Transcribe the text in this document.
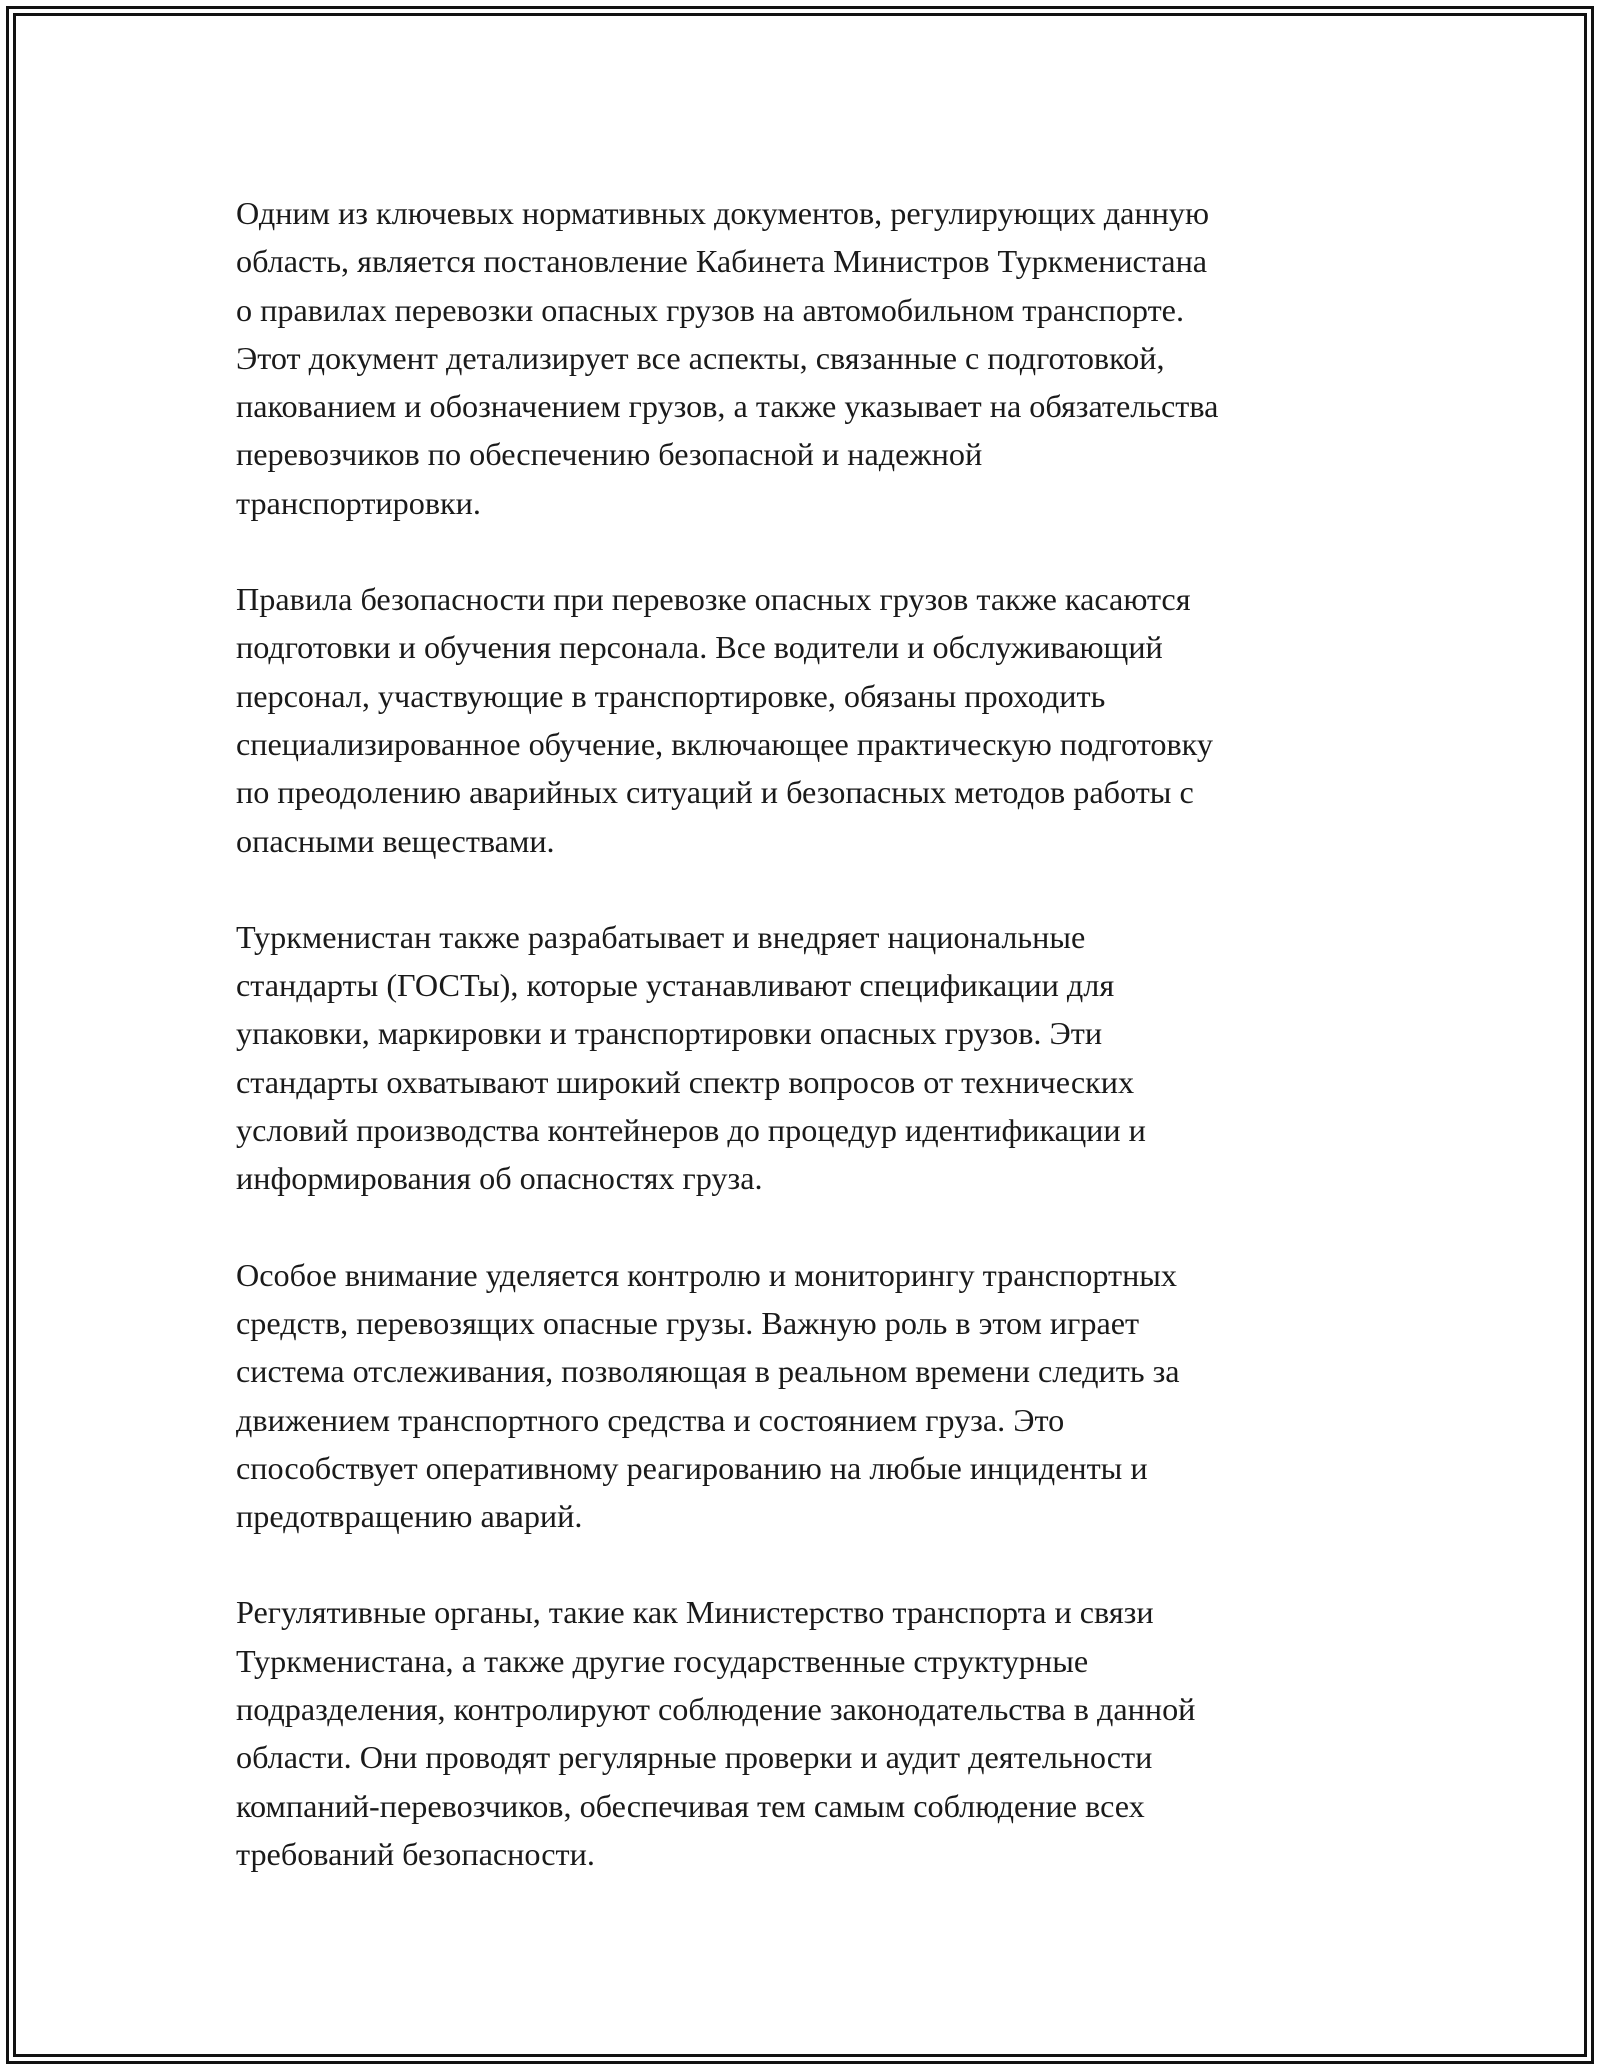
Одним из ключевых нормативных документов, регулирующих данную
область, является постановление Кабинета Министров Туркменистана
о правилах перевозки опасных грузов на автомобильном транспорте.
Этот документ детализирует все аспекты, связанные с подготовкой,
паковaнием и обозначением грузов, а также указывает на обязательства
перевозчиков по обеспечению безопасной и надежной
транспортировки.

Правила безопасности при перевозке опасных грузов также касаются
подготовки и обучения персонала. Все водители и обслуживающий
персонал, участвующие в транспортировке, обязаны проходить
специализированное обучение, включающее практическую подготовку
по преодолению аварийных ситуаций и безопасных методов работы с
опасными веществами.

Туркменистан также разрабатывает и внедряет национальные
стандарты (ГОСТы), которые устанавливают спецификации для
упаковки, маркировки и транспортировки опасных грузов. Эти
стандарты охватывают широкий спектр вопросов от технических
условий производства контейнеров до процедур идентификации и
информирования об опасностях груза.

Особое внимание уделяется контролю и мониторингу транспортных
средств, перевозящих опасные грузы. Важную роль в этом играет
система отслеживания, позволяющая в реальном времени следить за
движением транспортного средства и состоянием груза. Это
способствует оперативному реагированию на любые инциденты и
предотвращению аварий.

Регулятивные органы, такие как Министерство транспорта и связи
Туркменистана, а также другие государственные структурные
подразделения, контролируют соблюдение законодательства в данной
области. Они проводят регулярные проверки и аудит деятельности
компаний-перевозчиков, обеспечивая тем самым соблюдение всех
требований безопасности.
